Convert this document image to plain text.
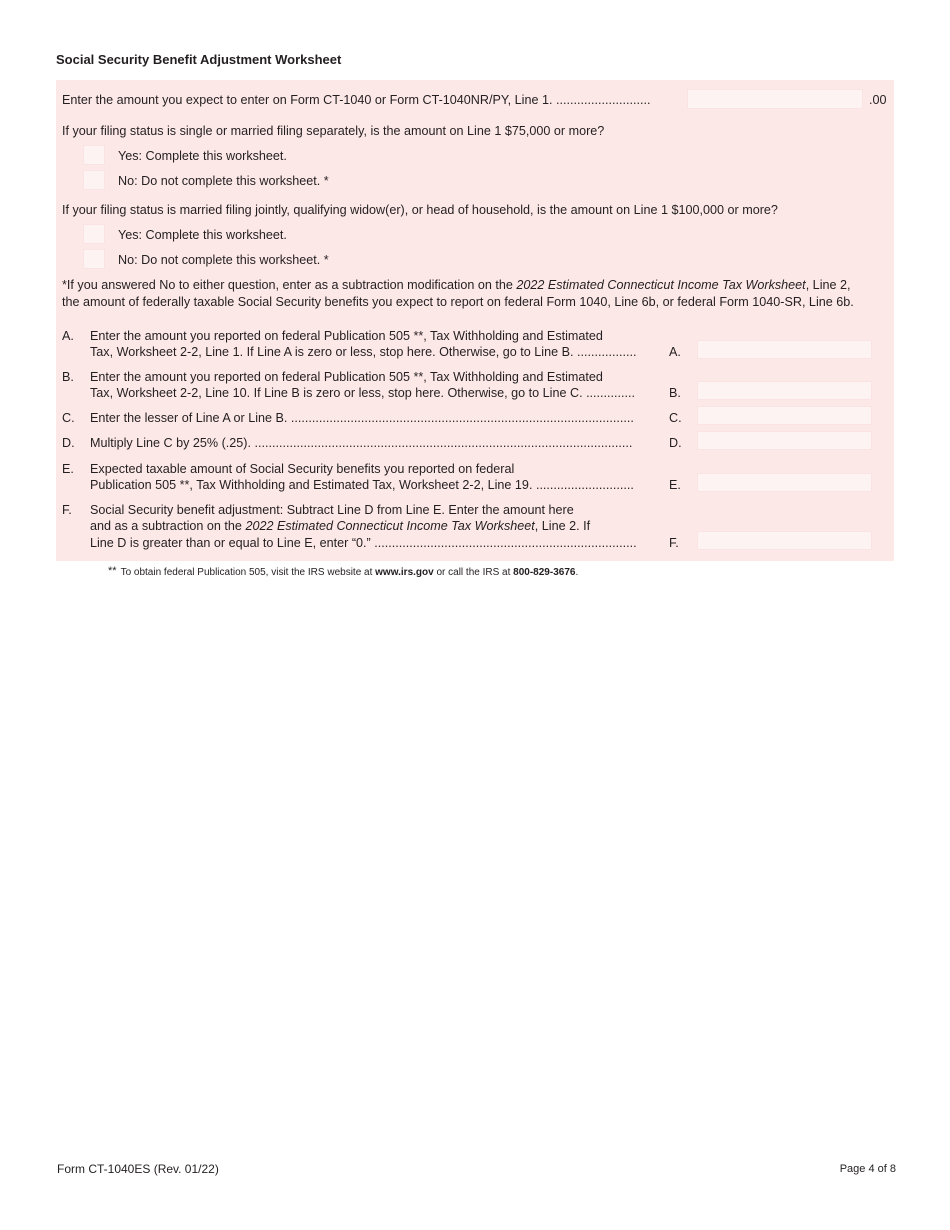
Social Security Benefit Adjustment Worksheet
Enter the amount you expect to enter on Form CT-1040 or Form CT-1040NR/PY, Line 1. ...........................	.00
If your filing status is single or married filing separately, is the amount on Line 1 $75,000 or more?
Yes: Complete this worksheet.
No: Do not complete this worksheet. *
If your filing status is married filing jointly, qualifying widow(er), or head of household, is the amount on Line 1 $100,000 or more?
Yes: Complete this worksheet.
No: Do not complete this worksheet. *
*If you answered No to either question, enter as a subtraction modification on the 2022 Estimated Connecticut Income Tax Worksheet, Line 2,
the amount of federally taxable Social Security benefits you expect to report on federal Form 1040, Line 6b, or federal Form 1040-SR, Line 6b.
A. Enter the amount you reported on federal Publication 505 **, Tax Withholding and Estimated
Tax, Worksheet 2-2, Line 1. If Line A is zero or less, stop here. Otherwise, go to Line B. .................	A.
B. Enter the amount you reported on federal Publication 505 **, Tax Withholding and Estimated
Tax, Worksheet 2-2, Line 10. If Line B is zero or less, stop here. Otherwise, go to Line C. ..............	B.
C. Enter the lesser of Line A or Line B. ..................................................................................................	C.
D. Multiply Line C by 25% (.25). ............................................................................................................	D.
E. Expected taxable amount of Social Security benefits you reported on federal
Publication 505 **, Tax Withholding and Estimated Tax, Worksheet 2-2, Line 19. ............................	E.
F. Social Security benefit adjustment: Subtract Line D from Line E. Enter the amount here
and as a subtraction on the 2022 Estimated Connecticut Income Tax Worksheet, Line 2. If
Line D is greater than or equal to Line E, enter “0.” ...........................................................................	F.
** To obtain federal Publication 505, visit the IRS website at www.irs.gov or call the IRS at 800-829-3676.
Form CT-1040ES (Rev. 01/22)	Page 4 of 8
